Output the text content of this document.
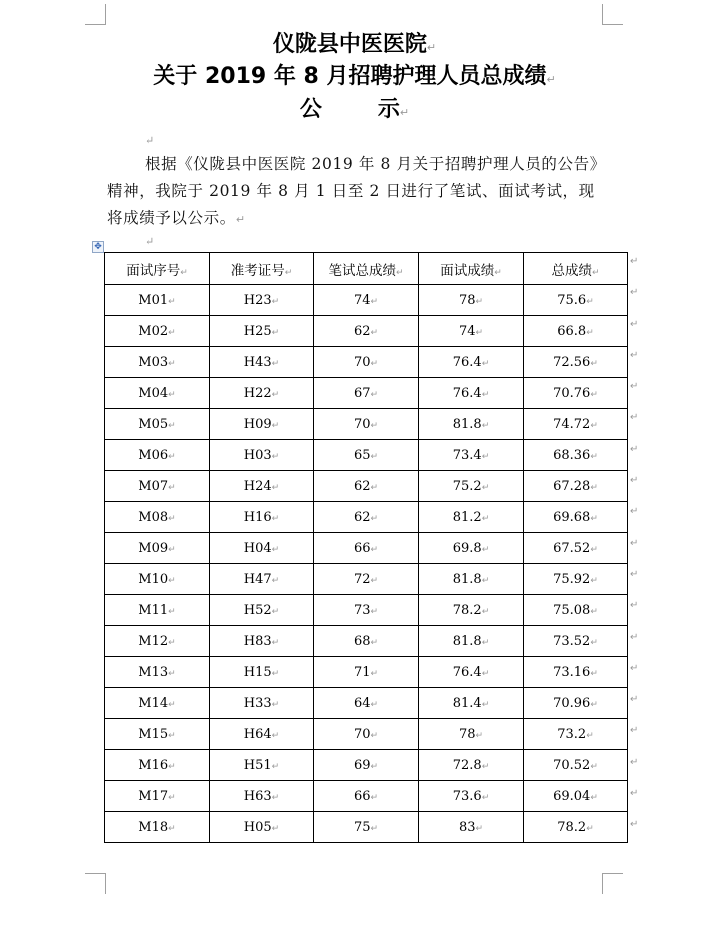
仪陇县中医医院↵
关于 2019 年 8 月招聘护理人员总成绩↵
公	示↵
↵
根据《仪陇县中医医院 2019 年 8 月关于招聘护理人员的公告》精神，我院于 2019 年 8 月 1 日至 2 日进行了笔试、面试考试，现将成绩予以公示。↵
↵
✥
面试序号↵	准考证号↵	笔试总成绩↵	面试成绩↵	总成绩↵
M01↵	H23↵	74↵	78↵	75.6↵
M02↵	H25↵	62↵	74↵	66.8↵
M03↵	H43↵	70↵	76.4↵	72.56↵
M04↵	H22↵	67↵	76.4↵	70.76↵
M05↵	H09↵	70↵	81.8↵	74.72↵
M06↵	H03↵	65↵	73.4↵	68.36↵
M07↵	H24↵	62↵	75.2↵	67.28↵
M08↵	H16↵	62↵	81.2↵	69.68↵
M09↵	H04↵	66↵	69.8↵	67.52↵
M10↵	H47↵	72↵	81.8↵	75.92↵
M11↵	H52↵	73↵	78.2↵	75.08↵
M12↵	H83↵	68↵	81.8↵	73.52↵
M13↵	H15↵	71↵	76.4↵	73.16↵
M14↵	H33↵	64↵	81.4↵	70.96↵
M15↵	H64↵	70↵	78↵	73.2↵
M16↵	H51↵	69↵	72.8↵	70.52↵
M17↵	H63↵	66↵	73.6↵	69.04↵
M18↵	H05↵	75↵	83↵	78.2↵
↵
↵
↵
↵
↵
↵
↵
↵
↵
↵
↵
↵
↵
↵
↵
↵
↵
↵
↵
